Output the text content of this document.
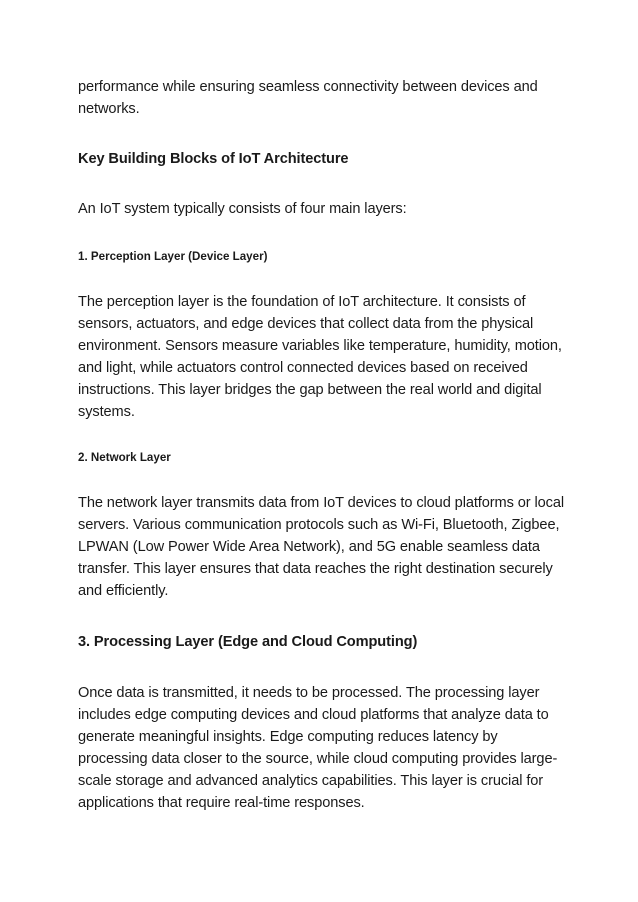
performance while ensuring seamless connectivity between devices and networks.

Key Building Blocks of IoT Architecture

An IoT system typically consists of four main layers:

1. Perception Layer (Device Layer)

The perception layer is the foundation of IoT architecture. It consists of sensors, actuators, and edge devices that collect data from the physical environment. Sensors measure variables like temperature, humidity, motion, and light, while actuators control connected devices based on received instructions. This layer bridges the gap between the real world and digital systems.

2. Network Layer

The network layer transmits data from IoT devices to cloud platforms or local servers. Various communication protocols such as Wi-Fi, Bluetooth, Zigbee, LPWAN (Low Power Wide Area Network), and 5G enable seamless data transfer. This layer ensures that data reaches the right destination securely and efficiently.

3. Processing Layer (Edge and Cloud Computing)

Once data is transmitted, it needs to be processed. The processing layer includes edge computing devices and cloud platforms that analyze data to generate meaningful insights. Edge computing reduces latency by processing data closer to the source, while cloud computing provides large-scale storage and advanced analytics capabilities. This layer is crucial for applications that require real-time responses.
